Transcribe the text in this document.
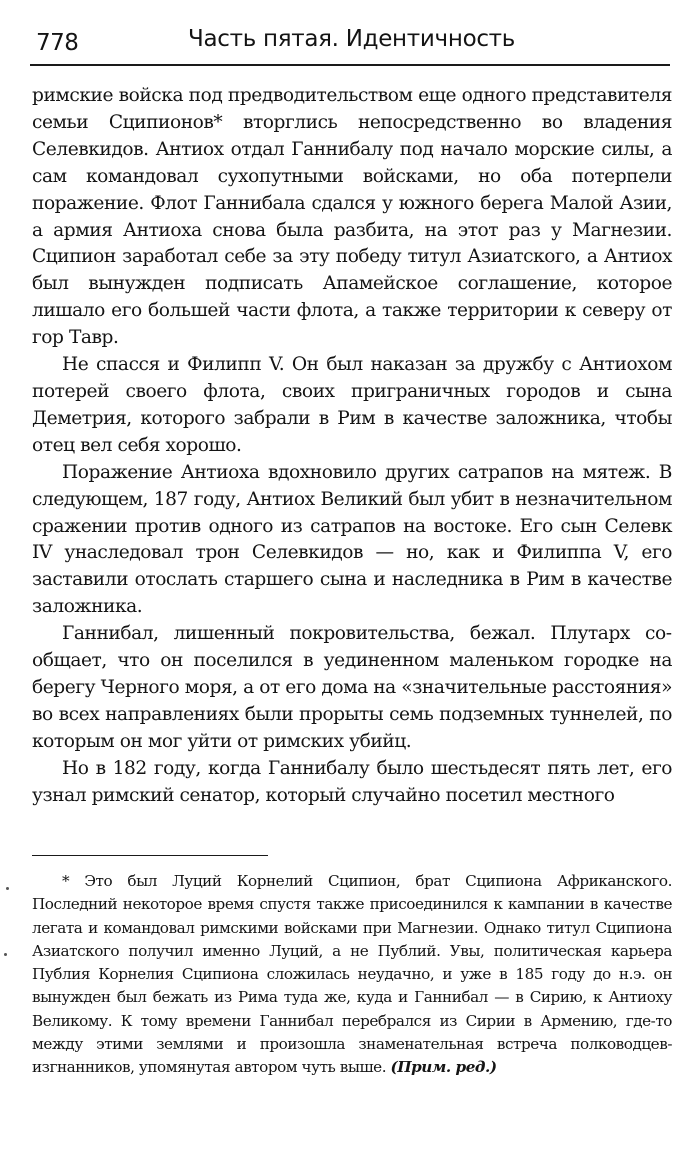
778	Часть пятая. Идентичность

римские войска под предводительством еще одного представителя семьи Сципионов* вторглись непосредственно во владения Селевкидов. Антиох отдал Ганнибалу под начало морские силы, а сам командовал сухопутными войсками, но оба потерпели поражение. Флот Ганнибала сдался у южного берега Малой Азии, а армия Антиоха снова была разбита, на этот раз у Магнезии. Сципион заработал себе за эту победу титул Азиатского, а Антиох был вынужден подписать Апамейское соглашение, которое лишало его большей части флота, а также территории к северу от гор Тавр.

Не спасся и Филипп V. Он был наказан за дружбу с Антиохом потерей своего флота, своих приграничных городов и сына Деметрия, которого забрали в Рим в качестве заложника, чтобы отец вел себя хорошо.

Поражение Антиоха вдохновило других сатрапов на мятеж. В следующем, 187 году, Антиох Великий был убит в незначительном сражении против одного из сатрапов на востоке. Его сын Селевк IV унаследовал трон Селевкидов — но, как и Филиппа V, его заставили отослать старшего сына и наследника в Рим в качестве заложника.

Ганнибал, лишенный покровительства, бежал. Плутарх сообщает, что он поселился в уединенном маленьком городке на берегу Черного моря, а от его дома на «значительные расстояния» во всех направлениях были прорыты семь подземных туннелей, по которым он мог уйти от римских убийц.

Но в 182 году, когда Ганнибалу было шестьдесят пять лет, его узнал римский сенатор, который случайно посетил местного

* Это был Луций Корнелий Сципион, брат Сципиона Африканского. Последний некоторое время спустя также присоединился к кампании в качестве легата и командовал римскими войсками при Магнезии. Однако титул Сципиона Азиатского получил именно Луций, а не Публий. Увы, политическая карьера Публия Корнелия Сципиона сложилась неудачно, и уже в 185 году до н.э. он вынужден был бежать из Рима туда же, куда и Ганнибал — в Сирию, к Антиоху Великому. К тому времени Ганнибал перебрался из Сирии в Армению, где-то между этими землями и произошла знаменательная встреча полководцев-изгнанников, упомянутая автором чуть выше. (Прим. ред.)
